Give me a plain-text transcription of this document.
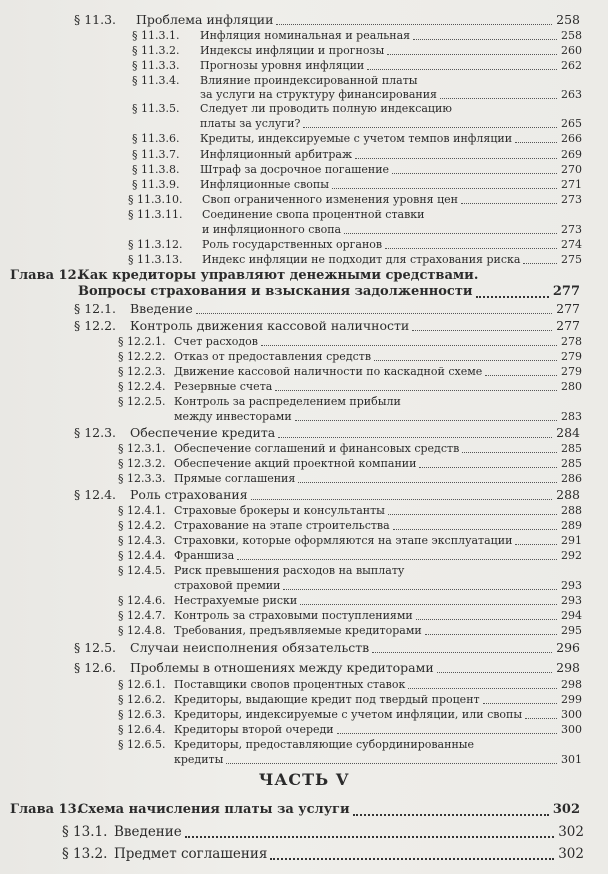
ЧАСТЬ V
§ 11.3. Проблема инфляции	258
§ 11.3.1. Инфляция номинальная и реальная	258
§ 11.3.2. Индексы инфляции и прогнозы	260
§ 11.3.3. Прогнозы уровня инфляции	262
§ 11.3.4. Влияние проиндексированной платы
за услуги на структуру финансирования	263
§ 11.3.5. Следует ли проводить полную индексацию
платы за услуги?	265
§ 11.3.6. Кредиты, индексируемые с учетом темпов инфляции	266
§ 11.3.7. Инфляционный арбитраж	269
§ 11.3.8. Штраф за досрочное погашение	270
§ 11.3.9. Инфляционные свопы	271
§ 11.3.10. Своп ограниченного изменения уровня цен	273
§ 11.3.11. Соединение свопа процентной ставки
и инфляционного свопа	273
§ 11.3.12. Роль государственных органов	274
§ 11.3.13. Индекс инфляции не подходит для страхования риска	275
Глава 12.
Как кредиторы управляют денежными средствами.
Вопросы страхования и взыскания задолженности	277
§ 12.1. Введение	277
§ 12.2. Контроль движения кассовой наличности	277
§ 12.2.1. Счет расходов	278
§ 12.2.2. Отказ от предоставления средств	279
§ 12.2.3. Движение кассовой наличности по каскадной схеме	279
§ 12.2.4. Резервные счета	280
§ 12.2.5. Контроль за распределением прибыли
между инвесторами	283
§ 12.3. Обеспечение кредита	284
§ 12.3.1. Обеспечение соглашений и финансовых средств	285
§ 12.3.2. Обеспечение акций проектной компании	285
§ 12.3.3. Прямые соглашения	286
§ 12.4. Роль страхования	288
§ 12.4.1. Страховые брокеры и консультанты	288
§ 12.4.2. Страхование на этапе строительства	289
§ 12.4.3. Страховки, которые оформляются на этапе эксплуатации	291
§ 12.4.4. Франшиза	292
§ 12.4.5. Риск превышения расходов на выплату
страховой премии	293
§ 12.4.6. Нестрахуемые риски	293
§ 12.4.7. Контроль за страховыми поступлениями	294
§ 12.4.8. Требования, предъявляемые кредиторами	295
§ 12.5. Случаи неисполнения обязательств	296
§ 12.6. Проблемы в отношениях между кредиторами	298
§ 12.6.1. Поставщики свопов процентных ставок	298
§ 12.6.2. Кредиторы, выдающие кредит под твердый процент	299
§ 12.6.3. Кредиторы, индексируемые с учетом инфляции, или свопы	300
§ 12.6.4. Кредиторы второй очереди	300
§ 12.6.5. Кредиторы, предоставляющие субординированные
кредиты	301
Глава 13.
Схема начисления платы за услуги	302
§ 13.1. Введение	302
§ 13.2. Предмет соглашения	302
